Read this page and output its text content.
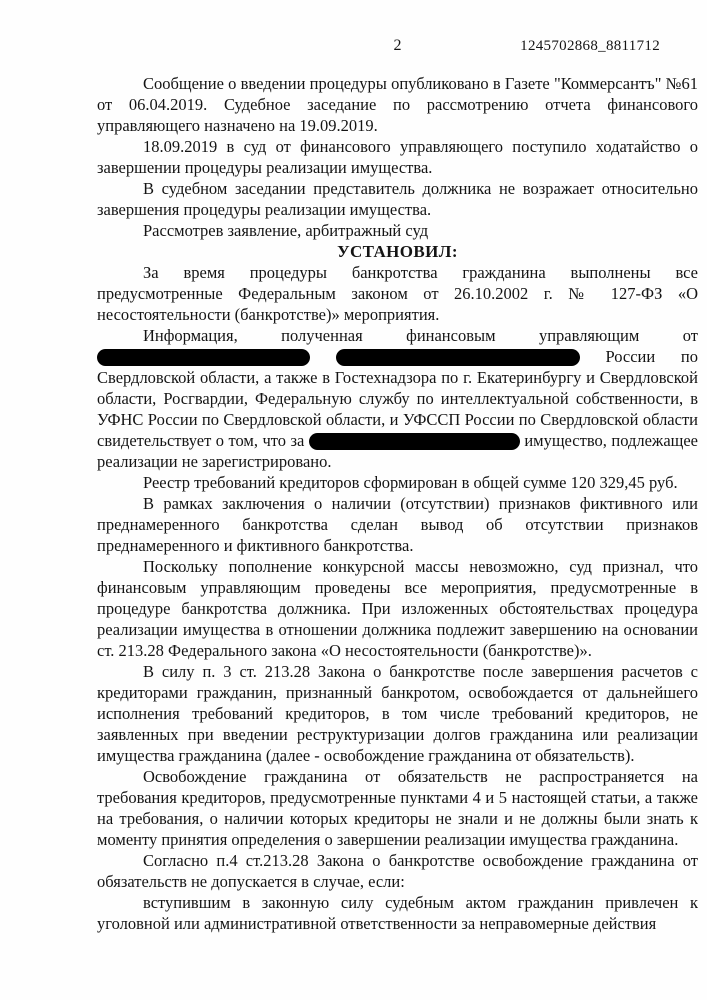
2	1245702868_8811712

Сообщение о введении процедуры опубликовано в Газете "Коммерсантъ" №61 от 06.04.2019. Судебное заседание по рассмотрению отчета финансового управляющего назначено на 19.09.2019.

18.09.2019 в суд от финансового управляющего поступило ходатайство о завершении процедуры реализации имущества.

В судебном заседании представитель должника не возражает относительно завершения процедуры реализации имущества.

Рассмотрев заявление, арбитражный суд

УСТАНОВИЛ:

За время процедуры банкротства гражданина выполнены все предусмотренные Федеральным законом от 26.10.2002 г. № 127-ФЗ «О несостоятельности (банкротстве)» мероприятия.

Информация, полученная финансовым управляющим от  России по Свердловской области, а также в Гостехнадзора по г. Екатеринбургу и Свердловской области, Росгвардии, Федеральную службу по интеллектуальной собственности, в УФНС России по Свердловской области, и УФССП России по Свердловской области свидетельствует о том, что за	имущество, подлежащее реализации не зарегистрировано.

Реестр требований кредиторов сформирован в общей сумме 120 329,45 руб.

В рамках заключения о наличии (отсутствии) признаков фиктивного или преднамеренного банкротства сделан вывод об отсутствии признаков преднамеренного и фиктивного банкротства.

Поскольку пополнение конкурсной массы невозможно, суд признал, что финансовым управляющим проведены все мероприятия, предусмотренные в процедуре банкротства должника. При изложенных обстоятельствах процедура реализации имущества в отношении должника подлежит завершению на основании ст. 213.28 Федерального закона «О несостоятельности (банкротстве)».

В силу п. 3 ст. 213.28 Закона о банкротстве после завершения расчетов с кредиторами гражданин, признанный банкротом, освобождается от дальнейшего исполнения требований кредиторов, в том числе требований кредиторов, не заявленных при введении реструктуризации долгов гражданина или реализации имущества гражданина (далее - освобождение гражданина от обязательств).

Освобождение гражданина от обязательств не распространяется на требования кредиторов, предусмотренные пунктами 4 и 5 настоящей статьи, а также на требования, о наличии которых кредиторы не знали и не должны были знать к моменту принятия определения о завершении реализации имущества гражданина.

Согласно п.4 ст.213.28 Закона о банкротстве освобождение гражданина от обязательств не допускается в случае, если:

вступившим в законную силу судебным актом гражданин привлечен к уголовной или административной ответственности за неправомерные действия
